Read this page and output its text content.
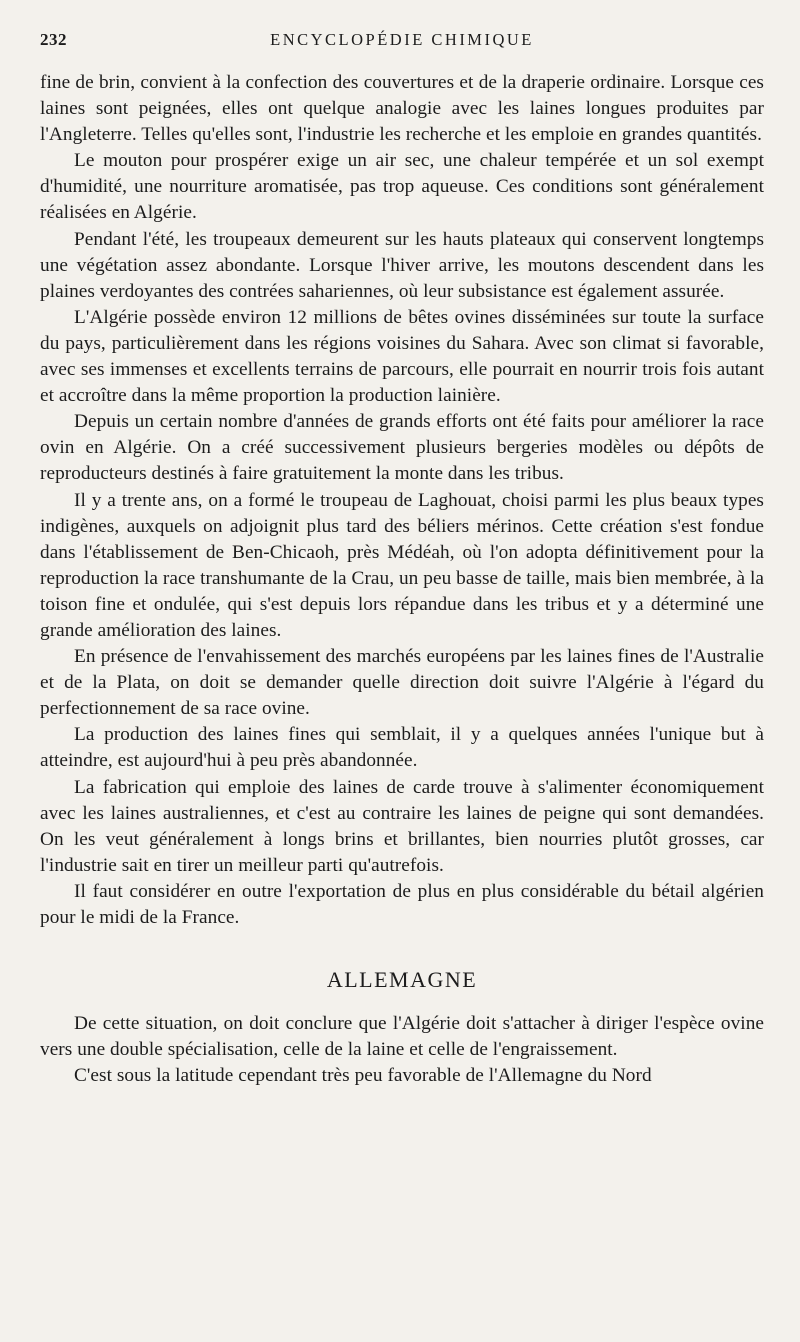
232	ENCYCLOPÉDIE CHIMIQUE

fine de brin, convient à la confection des couvertures et de la draperie ordinaire. Lorsque ces laines sont peignées, elles ont quelque analogie avec les laines longues produites par l'Angleterre. Telles qu'elles sont, l'industrie les recherche et les emploie en grandes quantités.

Le mouton pour prospérer exige un air sec, une chaleur tempérée et un sol exempt d'humidité, une nourriture aromatisée, pas trop aqueuse. Ces conditions sont généralement réalisées en Algérie.

Pendant l'été, les troupeaux demeurent sur les hauts plateaux qui conservent longtemps une végétation assez abondante. Lorsque l'hiver arrive, les moutons descendent dans les plaines verdoyantes des contrées sahariennes, où leur subsistance est également assurée.

L'Algérie possède environ 12 millions de bêtes ovines disséminées sur toute la surface du pays, particulièrement dans les régions voisines du Sahara. Avec son climat si favorable, avec ses immenses et excellents terrains de parcours, elle pourrait en nourrir trois fois autant et accroître dans la même proportion la production lainière.

Depuis un certain nombre d'années de grands efforts ont été faits pour améliorer la race ovin en Algérie. On a créé successivement plusieurs bergeries modèles ou dépôts de reproducteurs destinés à faire gratuitement la monte dans les tribus.

Il y a trente ans, on a formé le troupeau de Laghouat, choisi parmi les plus beaux types indigènes, auxquels on adjoignit plus tard des béliers mérinos. Cette création s'est fondue dans l'établissement de Ben-Chicaoh, près Médéah, où l'on adopta définitivement pour la reproduction la race transhumante de la Crau, un peu basse de taille, mais bien membrée, à la toison fine et ondulée, qui s'est depuis lors répandue dans les tribus et y a déterminé une grande amélioration des laines.

En présence de l'envahissement des marchés européens par les laines fines de l'Australie et de la Plata, on doit se demander quelle direction doit suivre l'Algérie à l'égard du perfectionnement de sa race ovine.

La production des laines fines qui semblait, il y a quelques années l'unique but à atteindre, est aujourd'hui à peu près abandonnée.

La fabrication qui emploie des laines de carde trouve à s'alimenter économiquement avec les laines australiennes, et c'est au contraire les laines de peigne qui sont demandées. On les veut généralement à longs brins et brillantes, bien nourries plutôt grosses, car l'industrie sait en tirer un meilleur parti qu'autrefois.

Il faut considérer en outre l'exportation de plus en plus considérable du bétail algérien pour le midi de la France.

ALLEMAGNE

De cette situation, on doit conclure que l'Algérie doit s'attacher à diriger l'espèce ovine vers une double spécialisation, celle de la laine et celle de l'engraissement.

C'est sous la latitude cependant très peu favorable de l'Allemagne du Nord
